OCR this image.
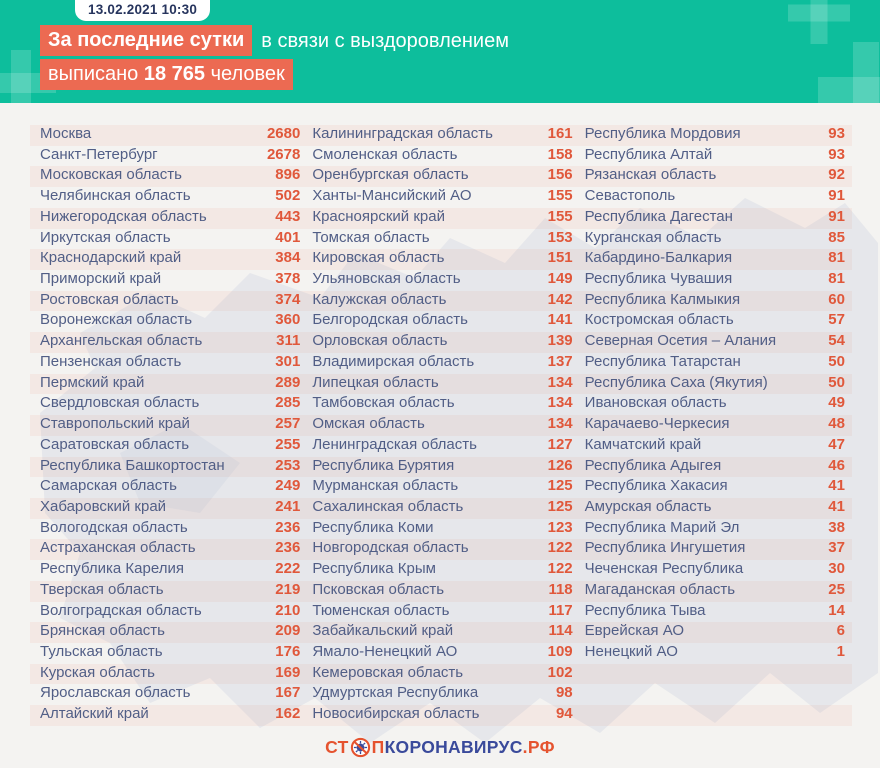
13.02.2021 10:30
За последние сутки в связи с выздоровлением
выписано 18 765 человек
Москва	2680
Санкт-Петербург	2678
Московская область	896
Челябинская область	502
Нижегородская область	443
Иркутская область	401
Краснодарский край	384
Приморский край	378
Ростовская область	374
Воронежская область	360
Архангельская область	311
Пензенская область	301
Пермский край	289
Свердловская область	285
Ставропольский край	257
Саратовская область	255
Республика Башкортостан	253
Самарская область	249
Хабаровский край	241
Вологодская область	236
Астраханская область	236
Республика Карелия	222
Тверская область	219
Волгоградская область	210
Брянская область	209
Тульская область	176
Курская область	169
Ярославская область	167
Алтайский край	162
Калининградская область	161
Смоленская область	158
Оренбургская область	156
Ханты-Мансийский АО	155
Красноярский край	155
Томская область	153
Кировская область	151
Ульяновская область	149
Калужская область	142
Белгородская область	141
Орловская область	139
Владимирская область	137
Липецкая область	134
Тамбовская область	134
Омская область	134
Ленинградская область	127
Республика Бурятия	126
Мурманская область	125
Сахалинская область	125
Республика Коми	123
Новгородская область	122
Республика Крым	122
Псковская область	118
Тюменская область	117
Забайкальский край	114
Ямало-Ненецкий АО	109
Кемеровская область	102
Удмуртская Республика	98
Новосибирская область	94
Республика Мордовия	93
Республика Алтай	93
Рязанская область	92
Севастополь	91
Республика Дагестан	91
Курганская область	85
Кабардино-Балкария	81
Республика Чувашия	81
Республика Калмыкия	60
Костромская область	57
Северная Осетия – Алания	54
Республика Татарстан	50
Республика Саха (Якутия)	50
Ивановская область	49
Карачаево-Черкесия	48
Камчатский край	47
Республика Адыгея	46
Республика Хакасия	41
Амурская область	41
Республика Марий Эл	38
Республика Ингушетия	37
Чеченская Республика	30
Магаданская область	25
Республика Тыва	14
Еврейская АО	6
Ненецкий АО	1
СТ П КОРОНАВИРУС .РФ
